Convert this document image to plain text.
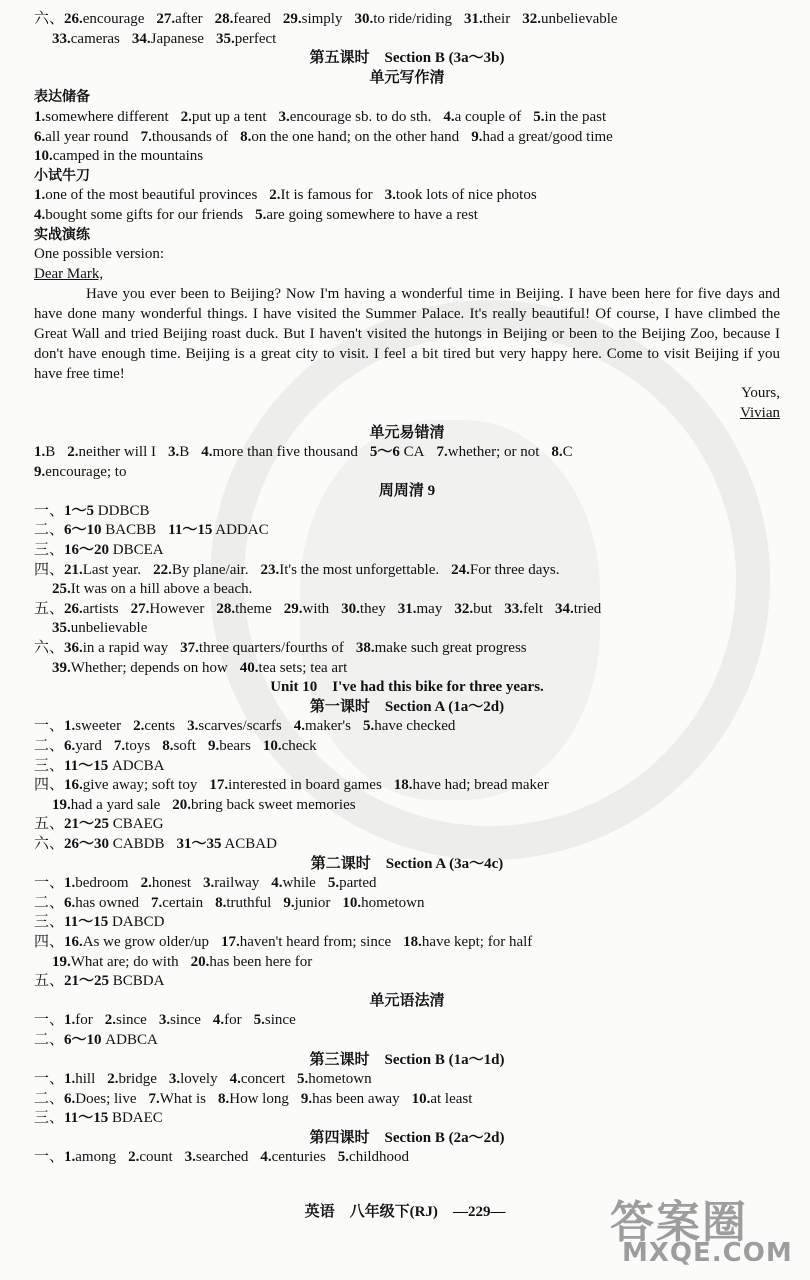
六、26.encourage 27.after 28.feared 29.simply 30.to ride/riding 31.their 32.unbelievable
33.cameras 34.Japanese 35.perfect
第五课时　Section B (3a～3b)
单元写作清
表达储备
1.somewhere different 2.put up a tent 3.encourage sb. to do sth. 4.a couple of 5.in the past
6.all year round 7.thousands of 8.on the one hand; on the other hand 9.had a great/good time
10.camped in the mountains
小试牛刀
1.one of the most beautiful provinces 2.It is famous for 3.took lots of nice photos
4.bought some gifts for our friends 5.are going somewhere to have a rest
实战演练
One possible version:
Dear Mark,
Have you ever been to Beijing? Now I'm having a wonderful time in Beijing. I have been here for five days and have done many wonderful things. I have visited the Summer Palace. It's really beautiful! Of course, I have climbed the Great Wall and tried Beijing roast duck. But I haven't visited the hutongs in Beijing or been to the Beijing Zoo, because I don't have enough time. Beijing is a great city to visit. I feel a bit tired but very happy here. Come to visit Beijing if you have free time!
Yours,
Vivian
单元易错清
1.B 2.neither will I 3.B 4.more than five thousand 5～6 CA 7.whether; or not 8.C
9.encourage; to
周周清 9
一、1～5 DDBCB
二、6～10 BACBB 11～15 ADDAC
三、16～20 DBCEA
四、21.Last year. 22.By plane/air. 23.It's the most unforgettable. 24.For three days.
25.It was on a hill above a beach.
五、26.artists 27.However 28.theme 29.with 30.they 31.may 32.but 33.felt 34.tried
35.unbelievable
六、36.in a rapid way 37.three quarters/fourths of 38.make such great progress
39.Whether; depends on how 40.tea sets; tea art
Unit 10　I've had this bike for three years.
第一课时　Section A (1a～2d)
一、1.sweeter 2.cents 3.scarves/scarfs 4.maker's 5.have checked
二、6.yard 7.toys 8.soft 9.bears 10.check
三、11～15 ADCBA
四、16.give away; soft toy 17.interested in board games 18.have had; bread maker
19.had a yard sale 20.bring back sweet memories
五、21～25 CBAEG
六、26～30 CABDB 31～35 ACBAD
第二课时　Section A (3a～4c)
一、1.bedroom 2.honest 3.railway 4.while 5.parted
二、6.has owned 7.certain 8.truthful 9.junior 10.hometown
三、11～15 DABCD
四、16.As we grow older/up 17.haven't heard from; since 18.have kept; for half
19.What are; do with 20.has been here for
五、21～25 BCBDA
单元语法清
一、1.for 2.since 3.since 4.for 5.since
二、6～10 ADBCA
第三课时　Section B (1a～1d)
一、1.hill 2.bridge 3.lovely 4.concert 5.hometown
二、6.Does; live 7.What is 8.How long 9.has been away 10.at least
三、11～15 BDAEC
第四课时　Section B (2a～2d)
一、1.among 2.count 3.searched 4.centuries 5.childhood
英语　 八年级下(RJ)　 —229—	答案圈
MXQE.COM
